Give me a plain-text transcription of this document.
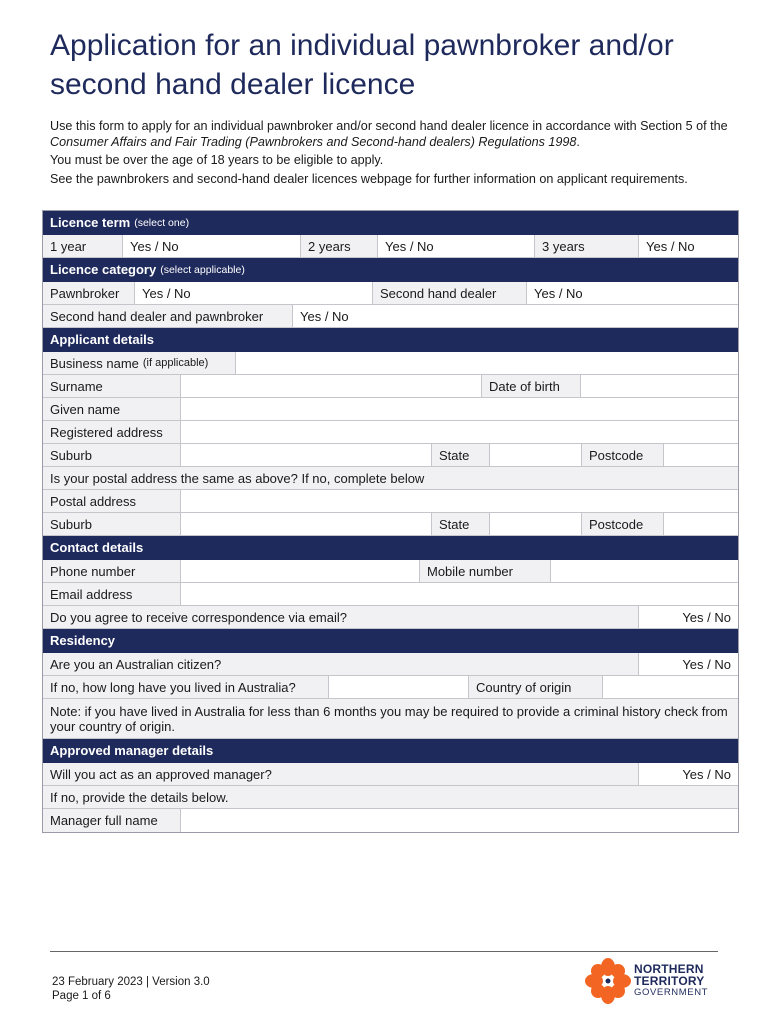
Application for an individual pawnbroker and/or second hand dealer licence

Use this form to apply for an individual pawnbroker and/or second hand dealer licence in accordance with Section 5 of the Consumer Affairs and Fair Trading (Pawnbrokers and Second-hand dealers) Regulations 1998.

You must be over the age of 18 years to be eligible to apply.

See the pawnbrokers and second-hand dealer licences webpage for further information on applicant requirements.

Licence term (select one)
1 year	Yes / No	2 years	Yes / No	3 years	Yes / No
Licence category (select applicable)
Pawnbroker	Yes / No	Second hand dealer	Yes / No
Second hand dealer and pawnbroker	Yes / No
Applicant details
Business name (if applicable)
Surname	Date of birth
Given name
Registered address
Suburb	State	Postcode
Is your postal address the same as above? If no, complete below
Postal address
Suburb	State	Postcode
Contact details
Phone number	Mobile number
Email address
Do you agree to receive correspondence via email?	Yes / No
Residency
Are you an Australian citizen?	Yes / No
If no, how long have you lived in Australia?	Country of origin
Note: if you have lived in Australia for less than 6 months you may be required to provide a criminal history check from your country of origin.
Approved manager details
Will you act as an approved manager?	Yes / No
If no, provide the details below.
Manager full name
23 February 2023 | Version 3.0
Page 1 of 6
NORTHERN
TERRITORY
GOVERNMENT
